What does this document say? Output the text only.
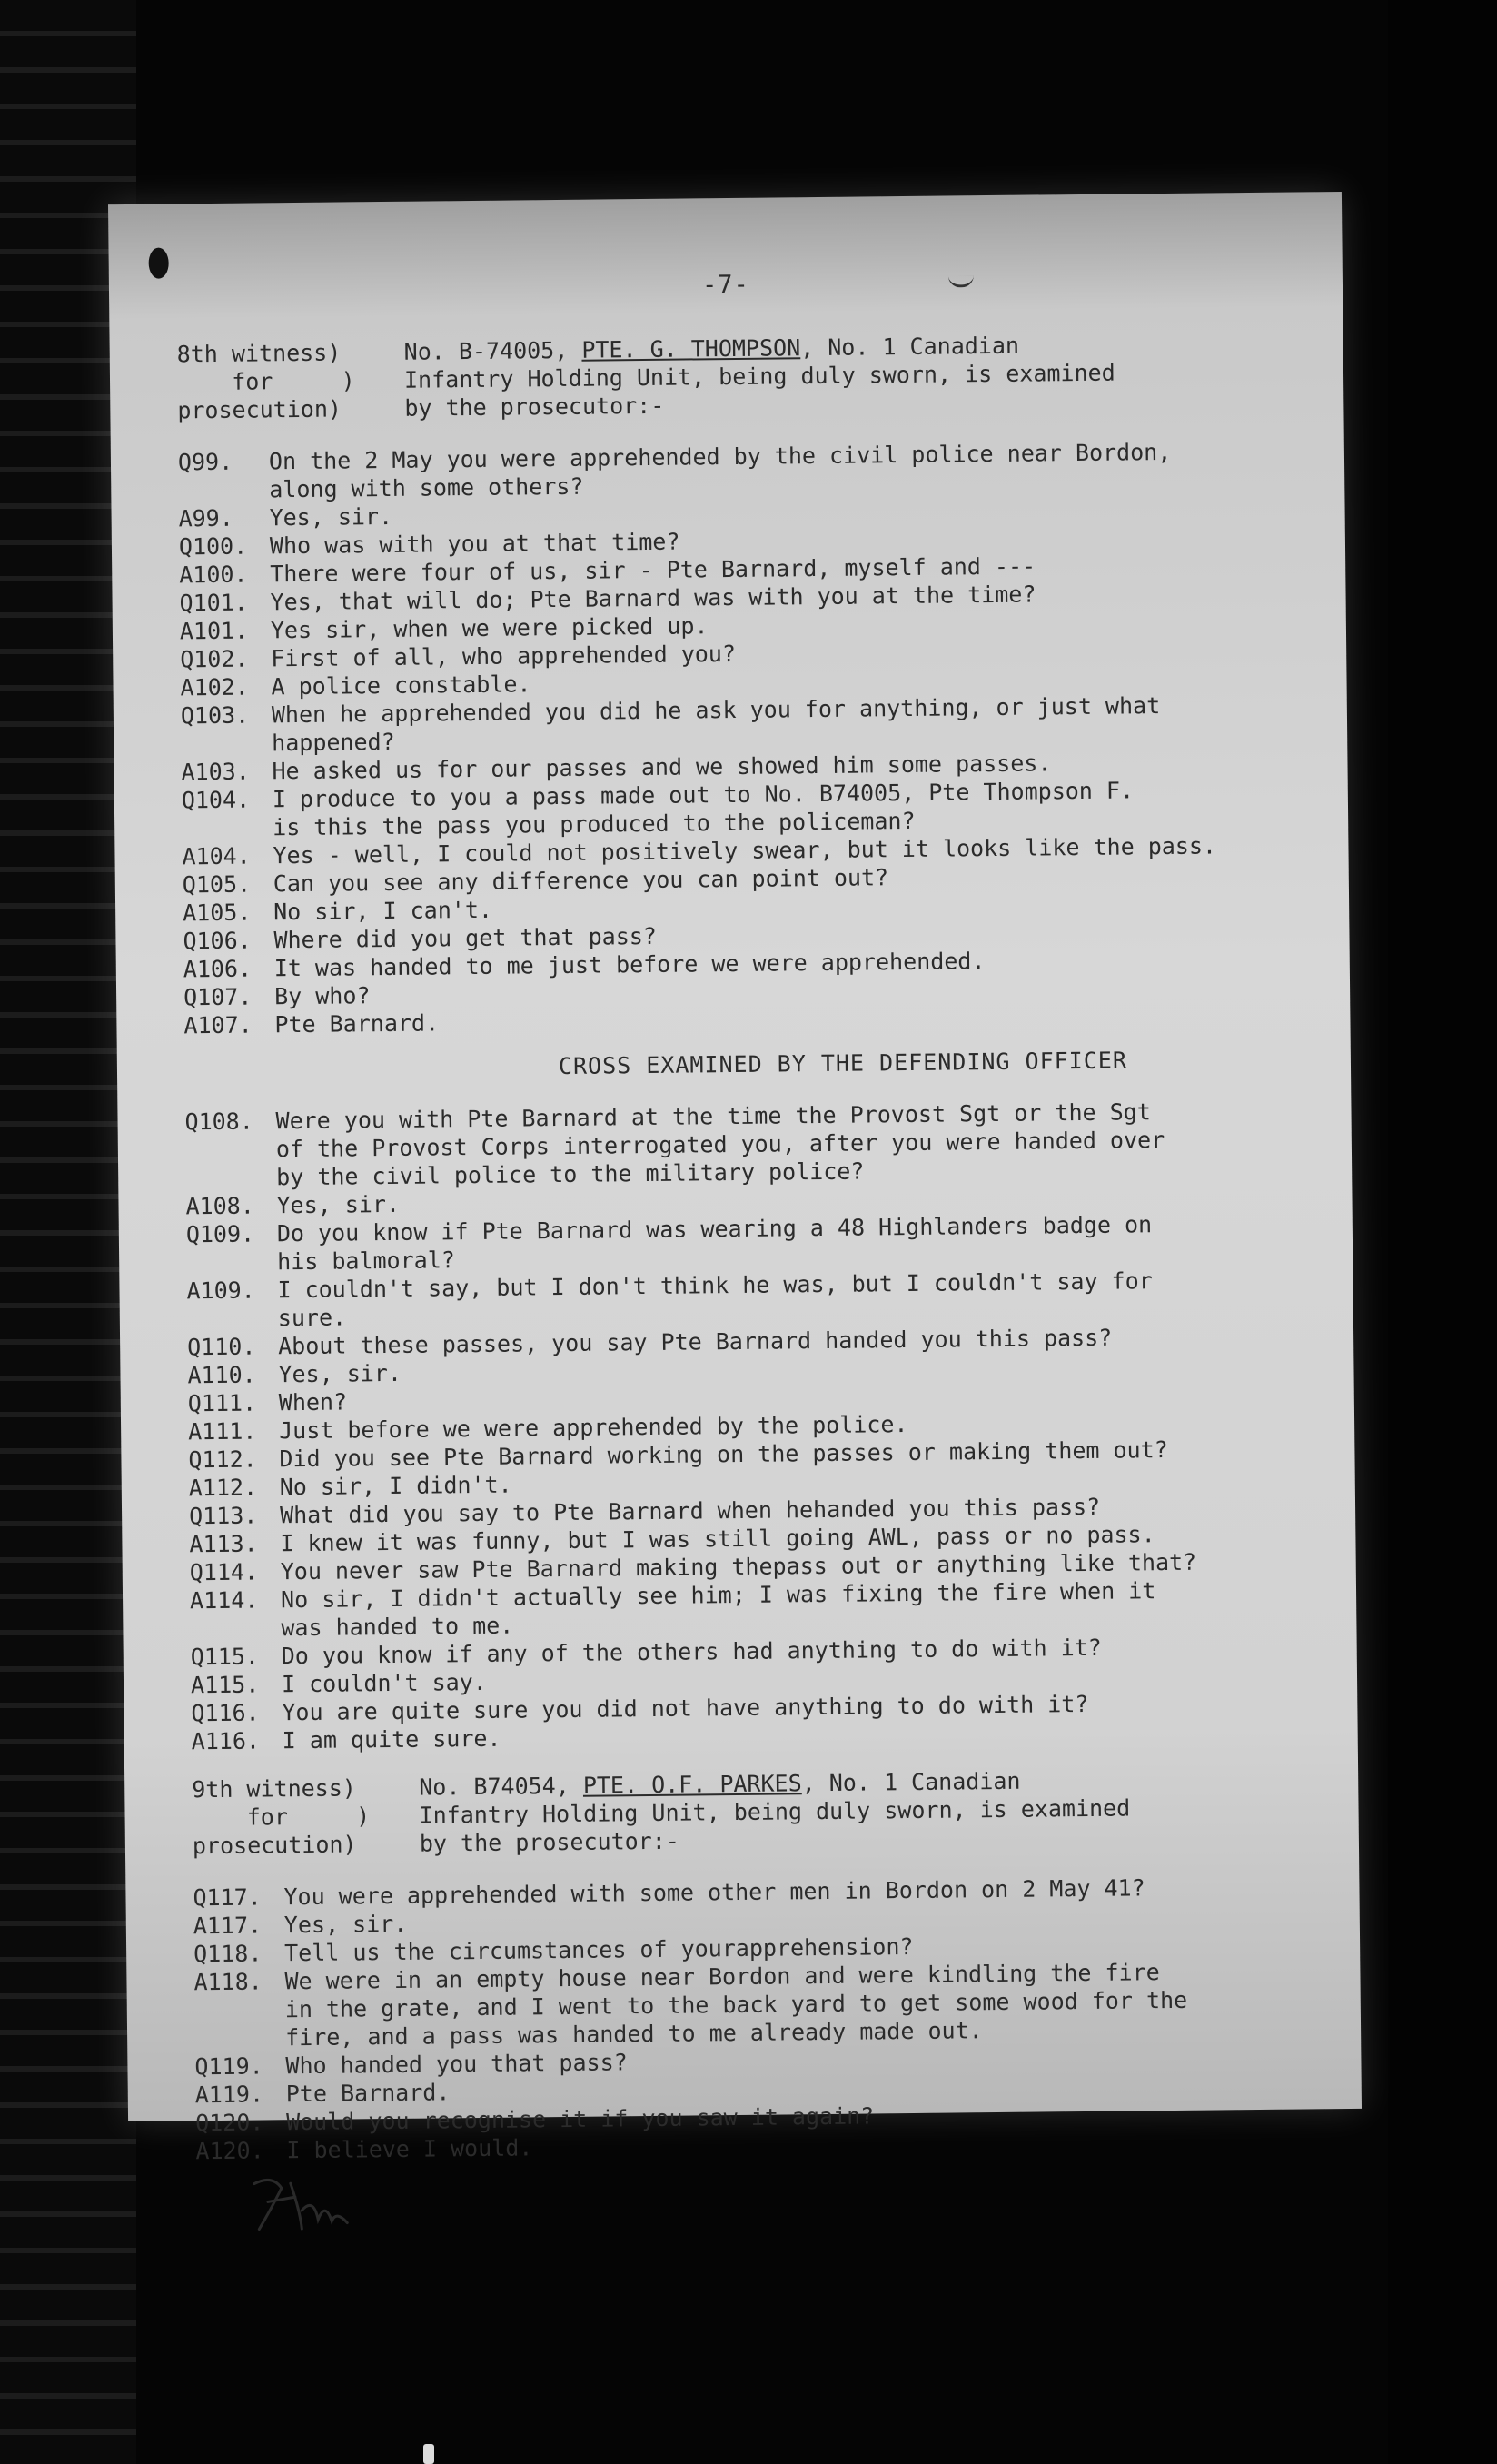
-7-
8th witness)
for     )
prosecution)
No. B-74005, PTE. G. THOMPSON, No. 1 Canadian
Infantry Holding Unit, being duly sworn, is examined
by the prosecutor:-
Q99.	On the 2 May you were apprehended by the civil police near Bordon,
along with some others?
A99.	Yes, sir.
Q100. Who was with you at that time?
A100. There were four of us, sir - Pte Barnard, myself and ---
Q101. Yes, that will do; Pte Barnard was with you at the time?
A101. Yes sir, when we were picked up.
Q102. First of all, who apprehended you?
A102. A police constable.
Q103. When he apprehended you did he ask you for anything, or just what
happened?
A103. He asked us for our passes and we showed him some passes.
Q104. I produce to you a pass made out to No. B74005, Pte Thompson F.
is this the pass you produced to the policeman?
A104. Yes - well, I could not positively swear, but it looks like the pass.
Q105. Can you see any difference you can point out?
A105. No sir, I can't.
Q106. Where did you get that pass?
A106. It was handed to me just before we were apprehended.
Q107. By who?
A107. Pte Barnard.
CROSS EXAMINED BY THE DEFENDING OFFICER
Q108. Were you with Pte Barnard at the time the Provost Sgt or the Sgt
of the Provost Corps interrogated you, after you were handed over
by the civil police to the military police?
A108. Yes, sir.
Q109. Do you know if Pte Barnard was wearing a 48 Highlanders badge on
his balmoral?
A109. I couldn't say, but I don't think he was, but I couldn't say for
sure.
Q110. About these passes, you say Pte Barnard handed you this pass?
A110. Yes, sir.
Q111. When?
A111. Just before we were apprehended by the police.
Q112. Did you see Pte Barnard working on the passes or making them out?
A112. No sir, I didn't.
Q113. What did you say to Pte Barnard when hehanded you this pass?
A113. I knew it was funny, but I was still going AWL, pass or no pass.
Q114. You never saw Pte Barnard making thepass out or anything like that?
A114. No sir, I didn't actually see him; I was fixing the fire when it
was handed to me.
Q115. Do you know if any of the others had anything to do with it?
A115. I couldn't say.
Q116. You are quite sure you did not have anything to do with it?
A116. I am quite sure.
9th witness)
for     )
prosecution)
No. B74054, PTE. O.F. PARKES, No. 1 Canadian
Infantry Holding Unit, being duly sworn, is examined
by the prosecutor:-
Q117. You were apprehended with some other men in Bordon on 2 May 41?
A117. Yes, sir.
Q118. Tell us the circumstances of yourapprehension?
A118. We were in an empty house near Bordon and were kindling the fire
in the grate, and I went to the back yard to get some wood for the
fire, and a pass was handed to me already made out.
Q119. Who handed you that pass?
A119. Pte Barnard.
Q120. Would you recognise it if you saw it again?
A120. I believe I would.
